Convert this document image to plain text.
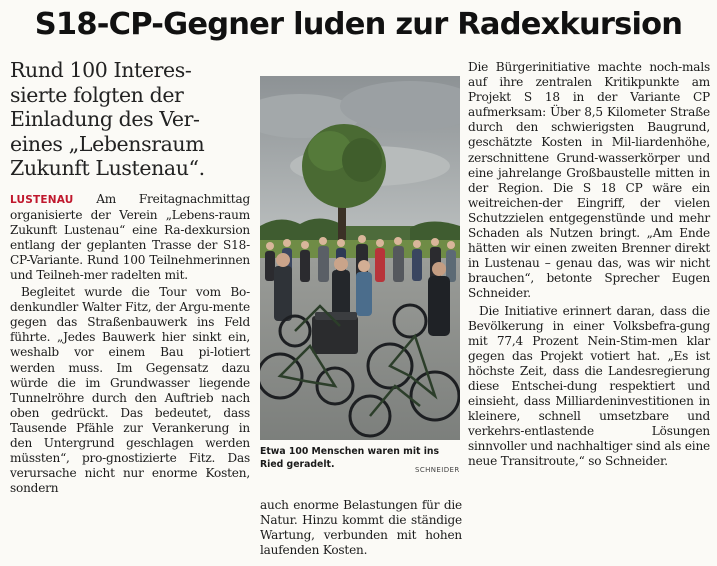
S18-CP-Gegner luden zur Radexkursion

Rund 100 Interes-
sierte folgten der
Einladung des Ver-
eines „Lebensraum
Zukunft Lustenau“.

LUSTENAU Am Freitagnachmittag organisierte der Verein „Lebens-raum Zukunft Lustenau“ eine Ra-dexkursion entlang der geplanten Trasse der S18-CP-Variante. Rund 100 Teilnehmerinnen und Teilneh-mer radelten mit.

Begleitet wurde die Tour vom Bo-denkundler Walter Fitz, der Argu-mente gegen das Straßenbauwerk ins Feld führte. „Jedes Bauwerk hier sinkt ein, weshalb vor einem Bau pi-lotiert werden muss. Im Gegensatz dazu würde die im Grundwasser liegende Tunnelröhre durch den Auftrieb nach oben gedrückt. Das bedeutet, dass Tausende Pfähle zur Verankerung in den Untergrund geschlagen werden müssten“, pro-gnostizierte Fitz. Das verursache nicht nur enorme Kosten, sondern

Etwa 100 Menschen waren mit ins Ried geradelt.	SCHNEIDER

auch enorme Belastungen für die Natur. Hinzu kommt die ständige Wartung, verbunden mit hohen laufenden Kosten.

Die Bürgerinitiative machte noch-mals auf ihre zentralen Kritikpunkte am Projekt S 18 in der Variante CP aufmerksam: Über 8,5 Kilometer Straße durch den schwierigsten Baugrund, geschätzte Kosten in Mil-liardenhöhe, zerschnittene Grund-wasserkörper und eine jahrelange Großbaustelle mitten in der Region. Die S 18 CP wäre ein weitreichen-der Eingriff, der vielen Schutzzielen entgegenstünde und mehr Schaden als Nutzen bringt. „Am Ende hätten wir einen zweiten Brenner direkt in Lustenau – genau das, was wir nicht brauchen“, betonte Sprecher Eugen Schneider.

Die Initiative erinnert daran, dass die Bevölkerung in einer Volksbefra-gung mit 77,4 Prozent Nein-Stim-men klar gegen das Projekt votiert hat. „Es ist höchste Zeit, dass die Landesregierung diese Entschei-dung respektiert und einsieht, dass Milliardeninvestitionen in kleinere, schnell umsetzbare und verkehrs-entlastende Lösungen sinnvoller und nachhaltiger sind als eine neue Transitroute,“ so Schneider.
